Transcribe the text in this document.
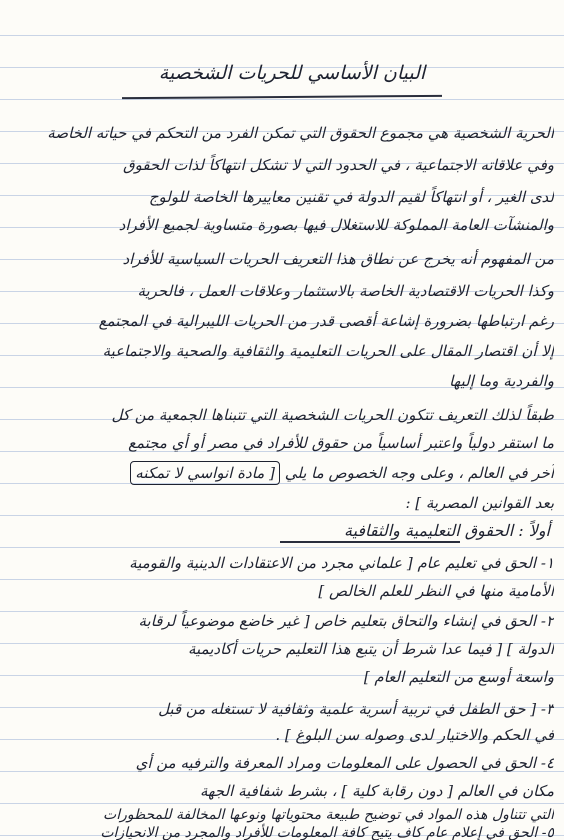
البيان الأساسي للحريات الشخصية
الحرية الشخصية هي مجموع الحقوق التي تمكن الفرد من التحكم في حياته الخاصة
وفي علاقاته الاجتماعية ، في الحدود التي لا تشكل انتهاكاً لذات الحقوق
لدى الغير ، أو انتهاكاً لقيم الدولة في تقنين معاييرها الخاصة للولوج
والمنشآت العامة المملوكة للاستغلال فيها بصورة متساوية لجميع الأفراد
من المفهوم أنه يخرج عن نطاق هذا التعريف الحريات السياسية للأفراد
وكذا الحريات الاقتصادية الخاصة بالاستثمار وعلاقات العمل ، فالحرية
رغم ارتباطها بضرورة إشاعة أقصى قدر من الحريات الليبرالية في المجتمع
إلا أن اقتصار المقال على الحريات التعليمية والثقافية والصحية والاجتماعية
والفردية وما إليها
طبقاً لذلك التعريف تتكون الحريات الشخصية التي تتبناها الجمعية من كل
ما استقر دولياً واعتبر أساسياً من حقوق للأفراد في مصر أو أي مجتمع
آخر في العالم ، وعلى وجه الخصوص ما يلي [ مادة انواسي لا تمكنه
بعد القوانين المصرية ] :
أولاً : الحقوق التعليمية والثقافية
١- الحق في تعليم عام [ علماني مجرد من الاعتقادات الدينية والقومية
الأمامية منها في النظر للعلم الخالص ]
٢- الحق في إنشاء والتحاق بتعليم خاص [ غير خاضع موضوعياً لرقابة
الدولة ] [ فيما عدا شرط أن يتبع هذا التعليم حريات أكاديمية
واسعة أوسع من التعليم العام ]
٣- [ حق الطفل في تربية أسرية علمية وثقافية لا تستغله من قبل
في الحكم والاختيار لدى وصوله سن البلوغ ] .
٤- الحق في الحصول على المعلومات ومراد المعرفة والترفيه من أي
مكان في العالم [ دون رقابة كلية ] ، بشرط شفافية الجهة
التي تتناول هذه المواد في توضيح طبيعة محتوياتها ونوعها المخالفة للمحظورات
٥- الحق في إعلام عام كاف يتيح كافة المعلومات للأفراد والمجرد من الانحيازات
